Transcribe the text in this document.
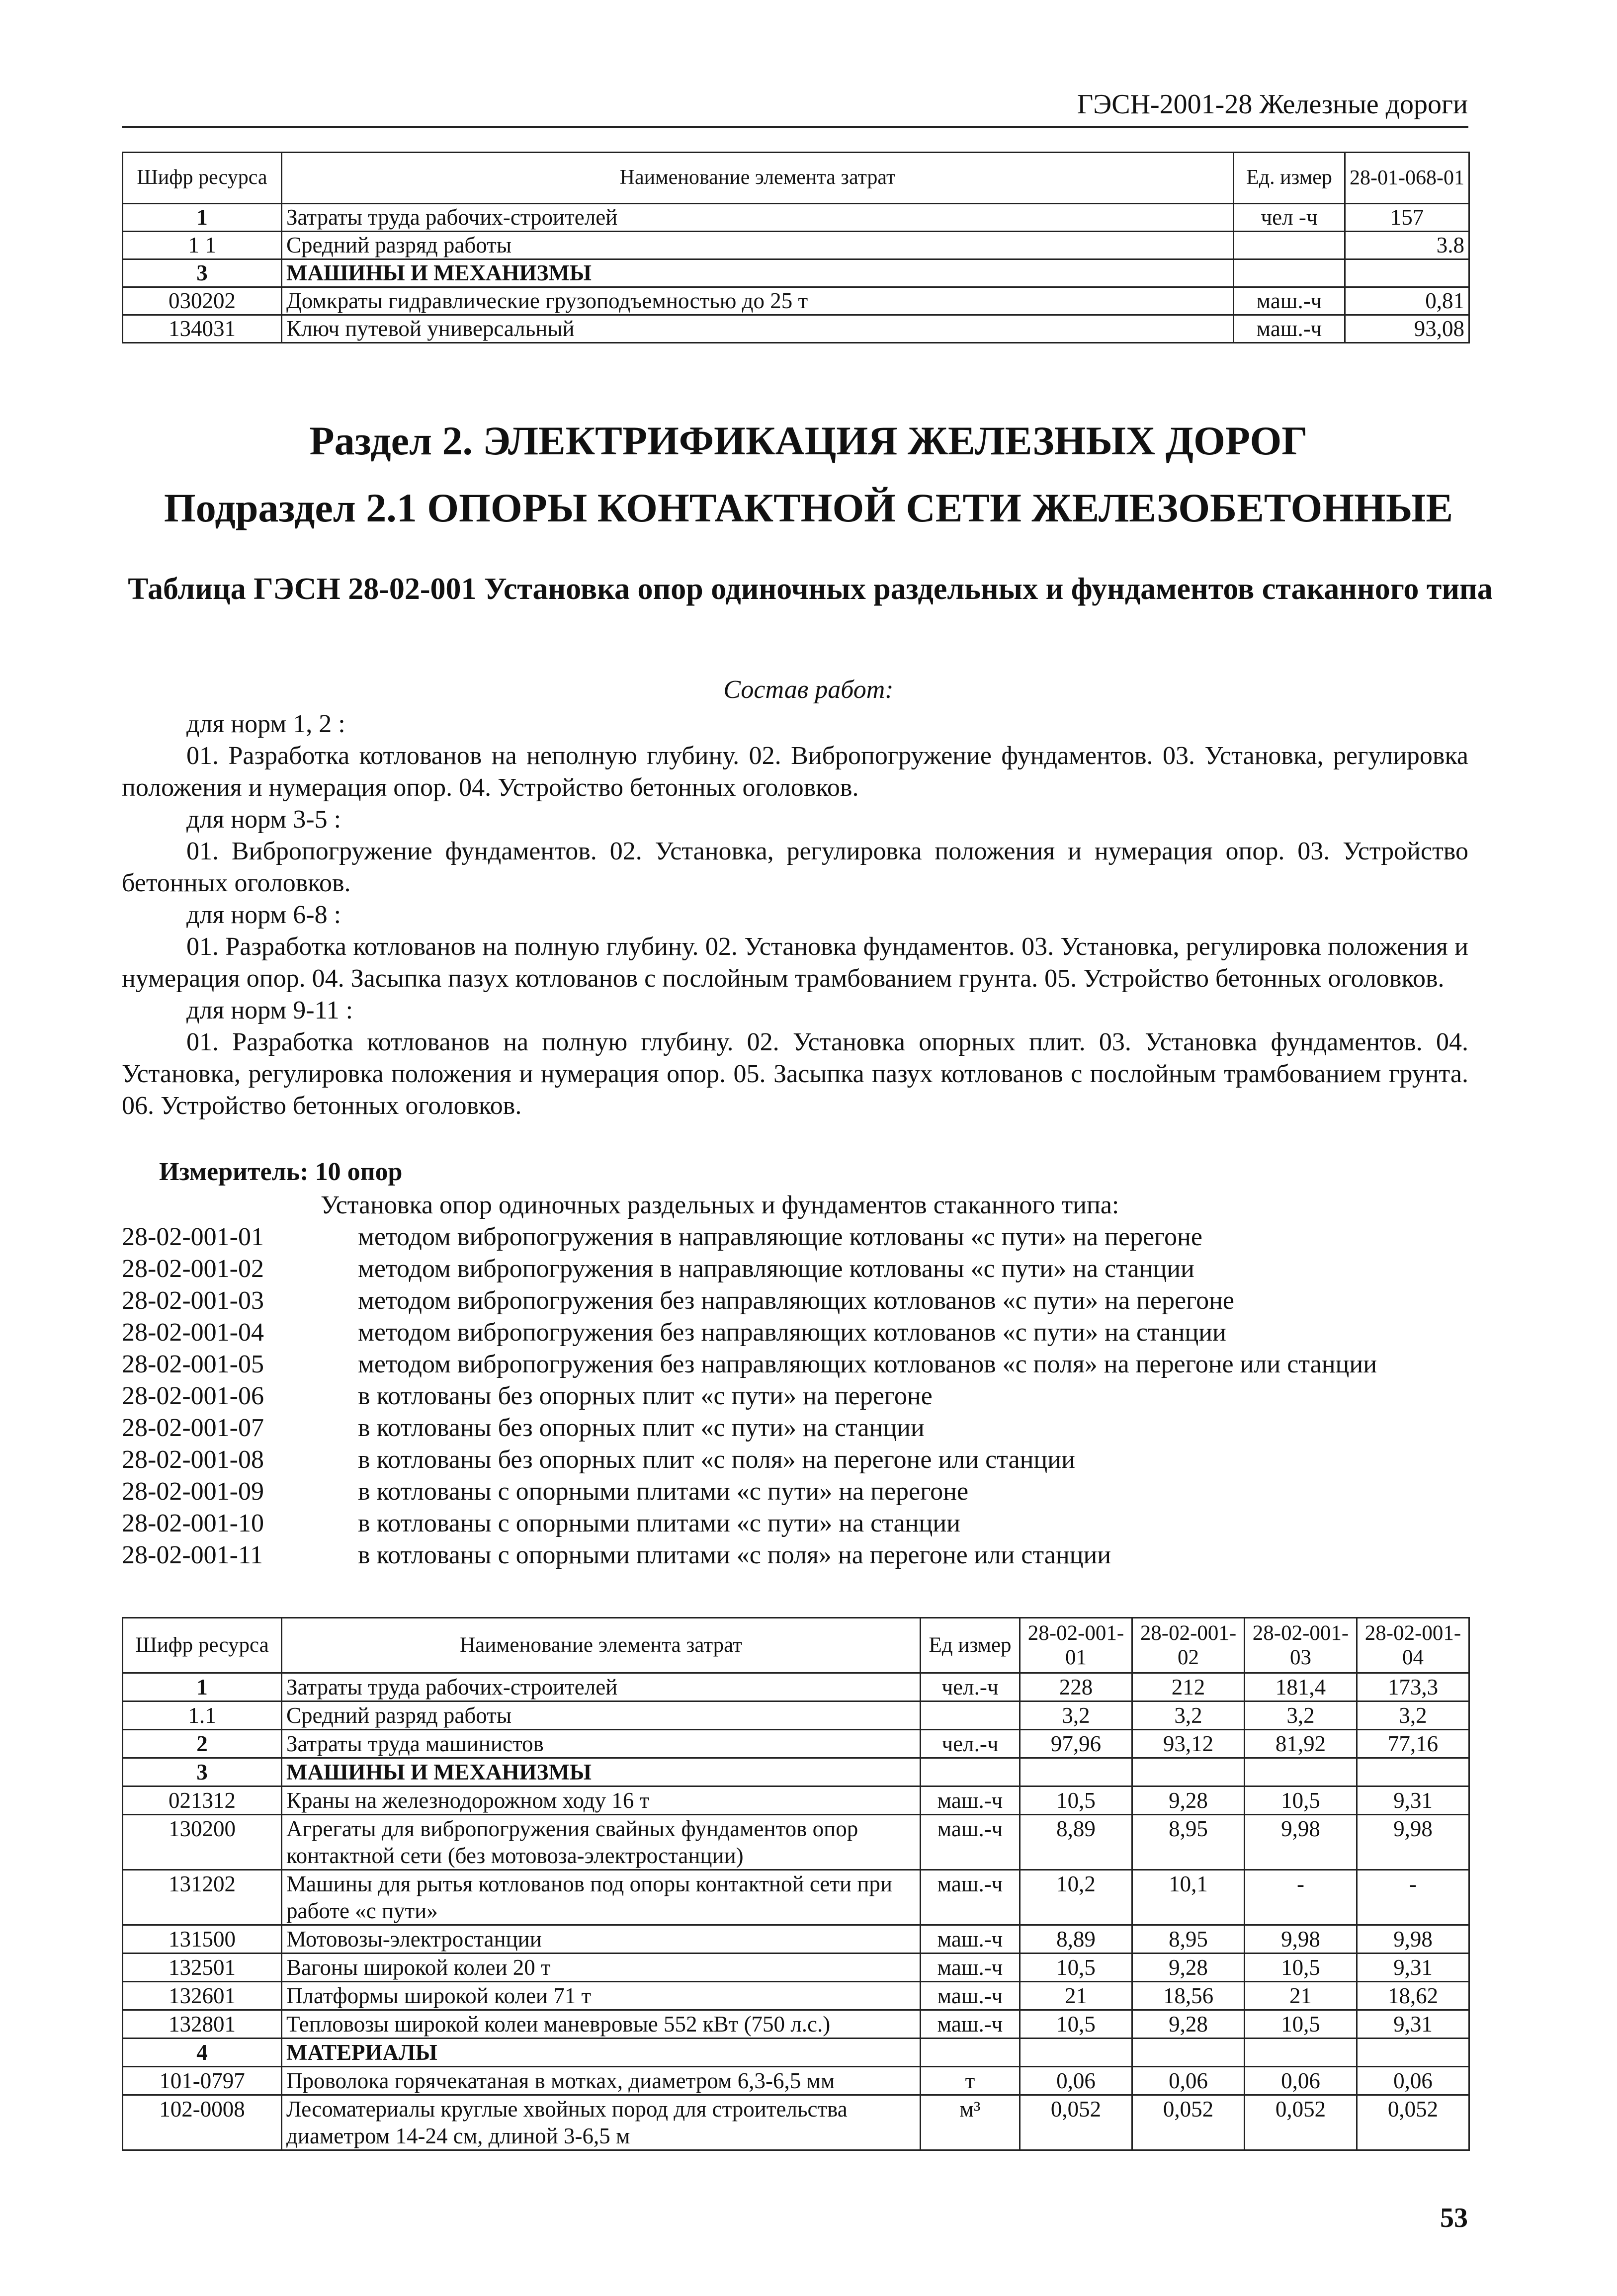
ГЭСН-2001-28 Железные дороги
Шифр ресурса	Наименование элемента затрат	Ед. измер	28-01-068-01
1	Затраты труда рабочих-строителей	чел -ч	157
1 1	Средний разряд работы		3.8
3	МАШИНЫ И МЕХАНИЗМЫ		
030202	Домкраты гидравлические грузоподъемностью до 25 т	маш.-ч	0,81
134031	Ключ путевой универсальный	маш.-ч	93,08
Раздел 2. ЭЛЕКТРИФИКАЦИЯ ЖЕЛЕЗНЫХ ДОРОГ
Подраздел 2.1 ОПОРЫ КОНТАКТНОЙ СЕТИ ЖЕЛЕЗОБЕТОННЫЕ
Таблица ГЭСН 28-02-001 Установка опор одиночных раздельных и фундаментов стаканного типа
Состав работ:

для норм 1, 2 :

01. Разработка котлованов на неполную глубину. 02. Вибропогружение фундаментов. 03. Установка, регулировка положения и нумерация опор. 04. Устройство бетонных оголовков.

для норм 3-5 :

01. Вибропогружение фундаментов. 02. Установка, регулировка положения и нумерация опор. 03. Устройство бетонных оголовков.

для норм 6-8 :

01. Разработка котлованов на полную глубину. 02. Установка фундаментов. 03. Установка, регулировка положения и нумерация опор. 04. Засыпка пазух котлованов с послойным трамбованием грунта. 05. Устройство бетонных оголовков.

для норм 9-11 :

01. Разработка котлованов на полную глубину. 02. Установка опорных плит. 03. Установка фундаментов. 04. Установка, регулировка положения и нумерация опор. 05. Засыпка пазух котлованов с послойным трамбованием грунта. 06. Устройство бетонных оголовков.

Измеритель: 10 опор
Установка опор одиночных раздельных и фундаментов стаканного типа:
28-02-001-01	методом вибропогружения в направляющие котлованы «с пути» на перегоне
28-02-001-02	методом вибропогружения в направляющие котлованы «с пути» на станции
28-02-001-03	методом вибропогружения без направляющих котлованов «с пути» на перегоне
28-02-001-04	методом вибропогружения без направляющих котлованов «с пути» на станции
28-02-001-05	методом вибропогружения без направляющих котлованов «с поля» на перегоне или станции
28-02-001-06	в котлованы без опорных плит «с пути» на перегоне
28-02-001-07	в котлованы без опорных плит «с пути» на станции
28-02-001-08	в котлованы без опорных плит «с поля» на перегоне или станции
28-02-001-09	в котлованы с опорными плитами «с пути» на перегоне
28-02-001-10	в котлованы с опорными плитами «с пути» на станции
28-02-001-11	в котлованы с опорными плитами «с поля» на перегоне или станции
Шифр ресурса	Наименование элемента затрат	Ед измер	28-02-001-01	28-02-001-02	28-02-001-03	28-02-001-04
1	Затраты труда рабочих-строителей	чел.-ч	228	212	181,4	173,3
1.1	Средний разряд работы		3,2	3,2	3,2	3,2
2	Затраты труда машинистов	чел.-ч	97,96	93,12	81,92	77,16
3	МАШИНЫ И МЕХАНИЗМЫ					
021312	Краны на железнодорожном ходу 16 т	маш.-ч	10,5	9,28	10,5	9,31
130200	Агрегаты для вибропогружения свайных фундаментов опор контактной сети (без мотовоза-электростанции)	маш.-ч	8,89	8,95	9,98	9,98
131202	Машины для рытья котлованов под опоры контактной сети при работе «с пути»	маш.-ч	10,2	10,1	-	-
131500	Мотовозы-электростанции	маш.-ч	8,89	8,95	9,98	9,98
132501	Вагоны широкой колеи 20 т	маш.-ч	10,5	9,28	10,5	9,31
132601	Платформы широкой колеи 71 т	маш.-ч	21	18,56	21	18,62
132801	Тепловозы широкой колеи маневровые 552 кВт (750 л.с.)	маш.-ч	10,5	9,28	10,5	9,31
4	МАТЕРИАЛЫ					
101-0797	Проволока горячекатаная в мотках, диаметром 6,3-6,5 мм	т	0,06	0,06	0,06	0,06
102-0008	Лесоматериалы круглые хвойных пород для строительства диаметром 14-24 см, длиной 3-6,5 м	м³	0,052	0,052	0,052	0,052
53
